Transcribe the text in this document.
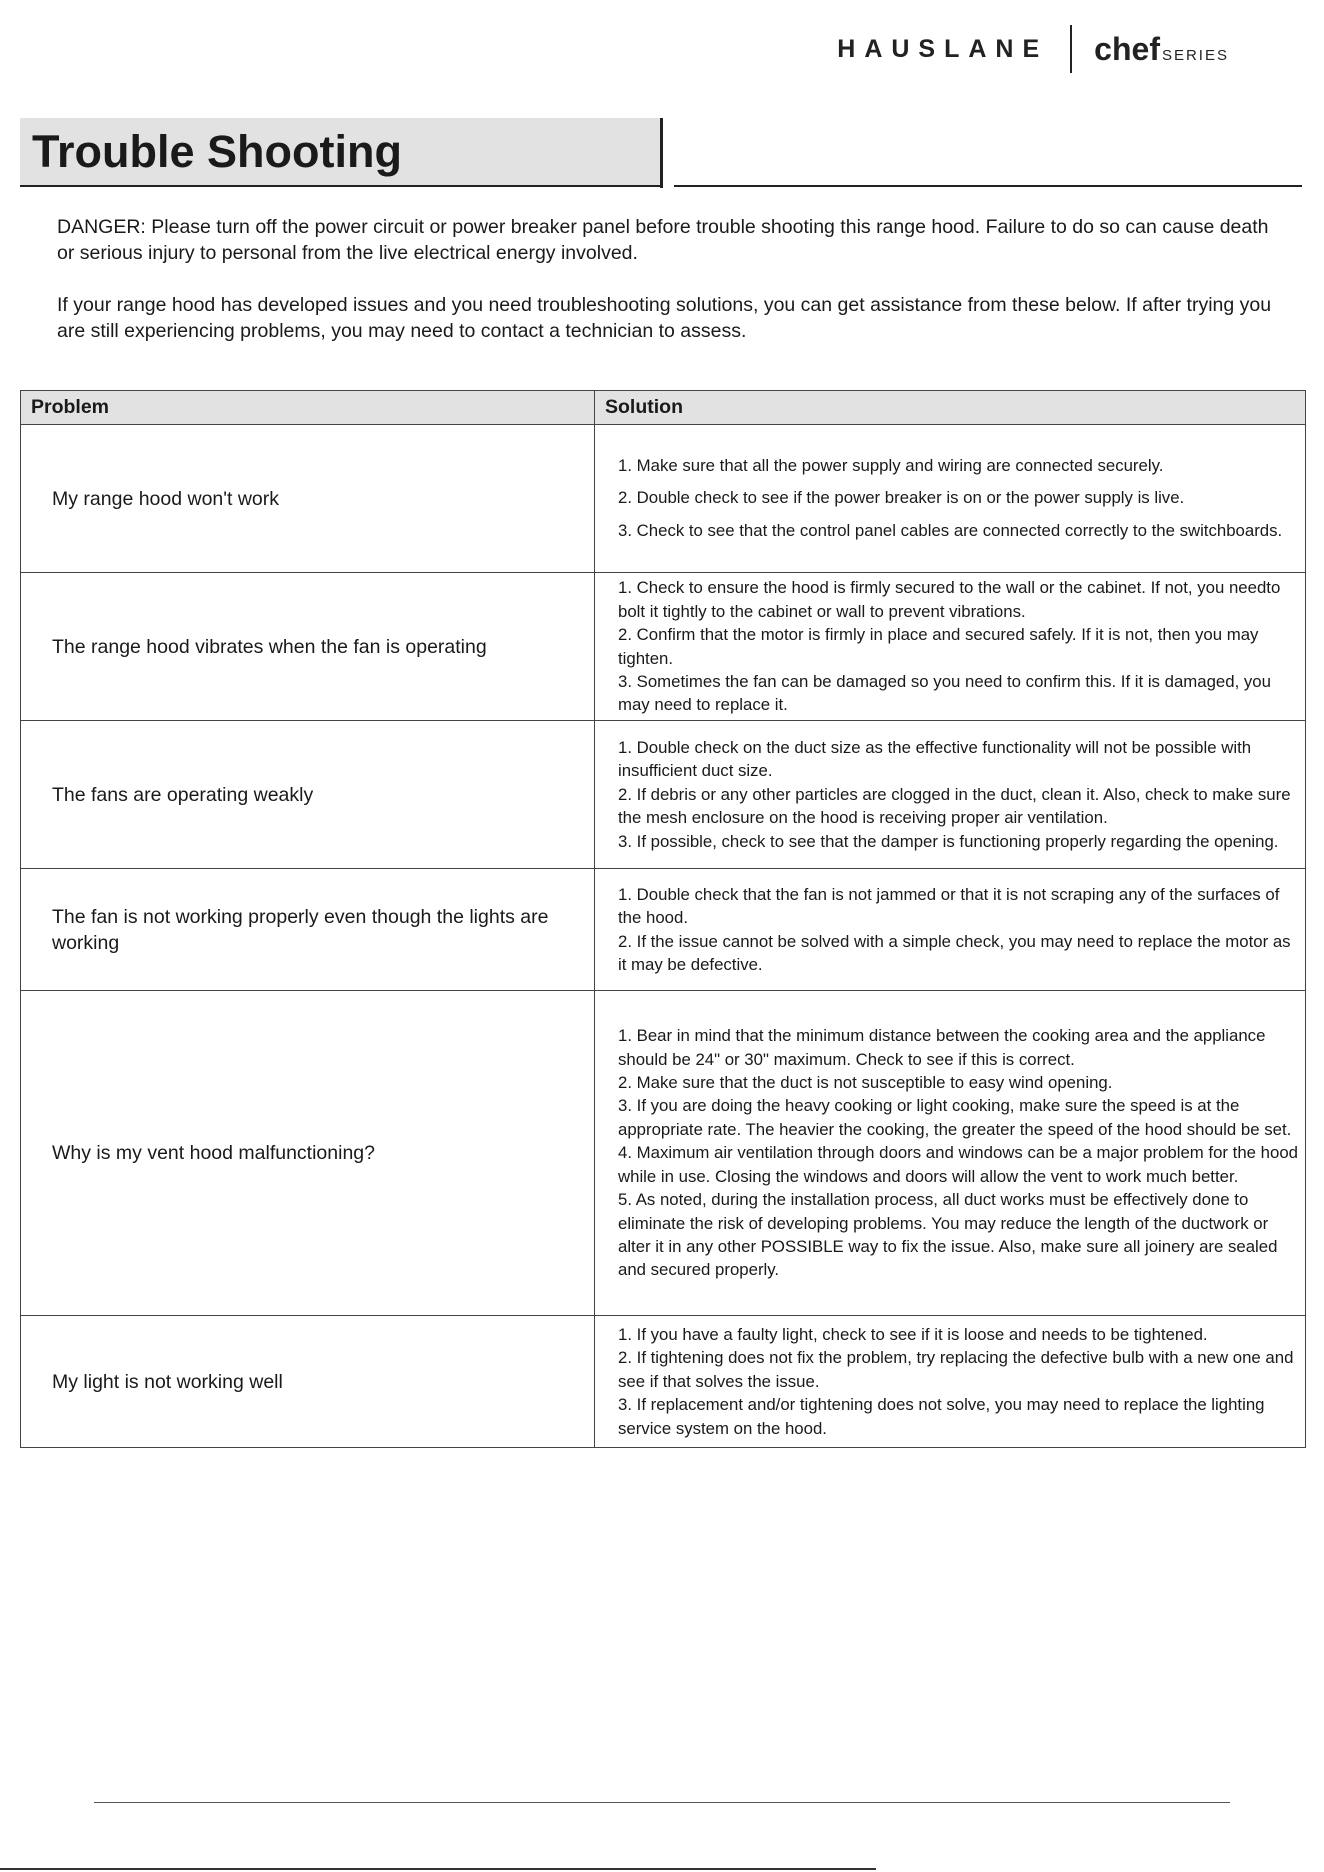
HAUSLANE	chef SERIES
Trouble Shooting

DANGER: Please turn off the power circuit or power breaker panel before trouble shooting this range hood. Failure to do so can cause death or serious injury to personal from the live electrical energy involved.

If your range hood has developed issues and you need troubleshooting solutions, you can get assistance from these below. If after trying you are still experiencing problems, you may need to contact a technician to assess.

Problem	Solution
My range hood won't work	1. Make sure that all the power supply and wiring are connected securely.
2. Double check to see if the power breaker is on or the power supply is live.
3. Check to see that the control panel cables are connected correctly to the switchboards.

The range hood vibrates when the fan is operating	1. Check to ensure the hood is firmly secured to the wall or the cabinet. If not, you needto bolt it tightly to the cabinet or wall to prevent vibrations.
2. Confirm that the motor is firmly in place and secured safely. If it is not, then you may tighten.
3. Sometimes the fan can be damaged so you need to confirm this. If it is damaged, you may need to replace it.

The fans are operating weakly	1. Double check on the duct size as the effective functionality will not be possible with insufficient duct size.
2. If debris or any other particles are clogged in the duct, clean it. Also, check to make sure the mesh enclosure on the hood is receiving proper air ventilation.
3. If possible, check to see that the damper is functioning properly regarding the opening.

The fan is not working properly even though the lights are working	1. Double check that the fan is not jammed or that it is not scraping any of the surfaces of the hood.
2. If the issue cannot be solved with a simple check, you may need to replace the motor as it may be defective.

Why is my vent hood malfunctioning?	1. Bear in mind that the minimum distance between the cooking area and the appliance should be 24" or 30" maximum. Check to see if this is correct.
2. Make sure that the duct is not susceptible to easy wind opening.
3. If you are doing the heavy cooking or light cooking, make sure the speed is at the appropriate rate. The heavier the cooking, the greater the speed of the hood should be set.
4. Maximum air ventilation through doors and windows can be a major problem for the hood while in use. Closing the windows and doors will allow the vent to work much better.
5. As noted, during the installation process, all duct works must be effectively done to eliminate the risk of developing problems. You may reduce the length of the ductwork or alter it in any other POSSIBLE way to fix the issue. Also, make sure all joinery are sealed and secured properly.

My light is not working well	1. If you have a faulty light, check to see if it is loose and needs to be tightened.
2. If tightening does not fix the problem, try replacing the defective bulb with a new one and see if that solves the issue.
3. If replacement and/or tightening does not solve, you may need to replace the lighting service system on the hood.
